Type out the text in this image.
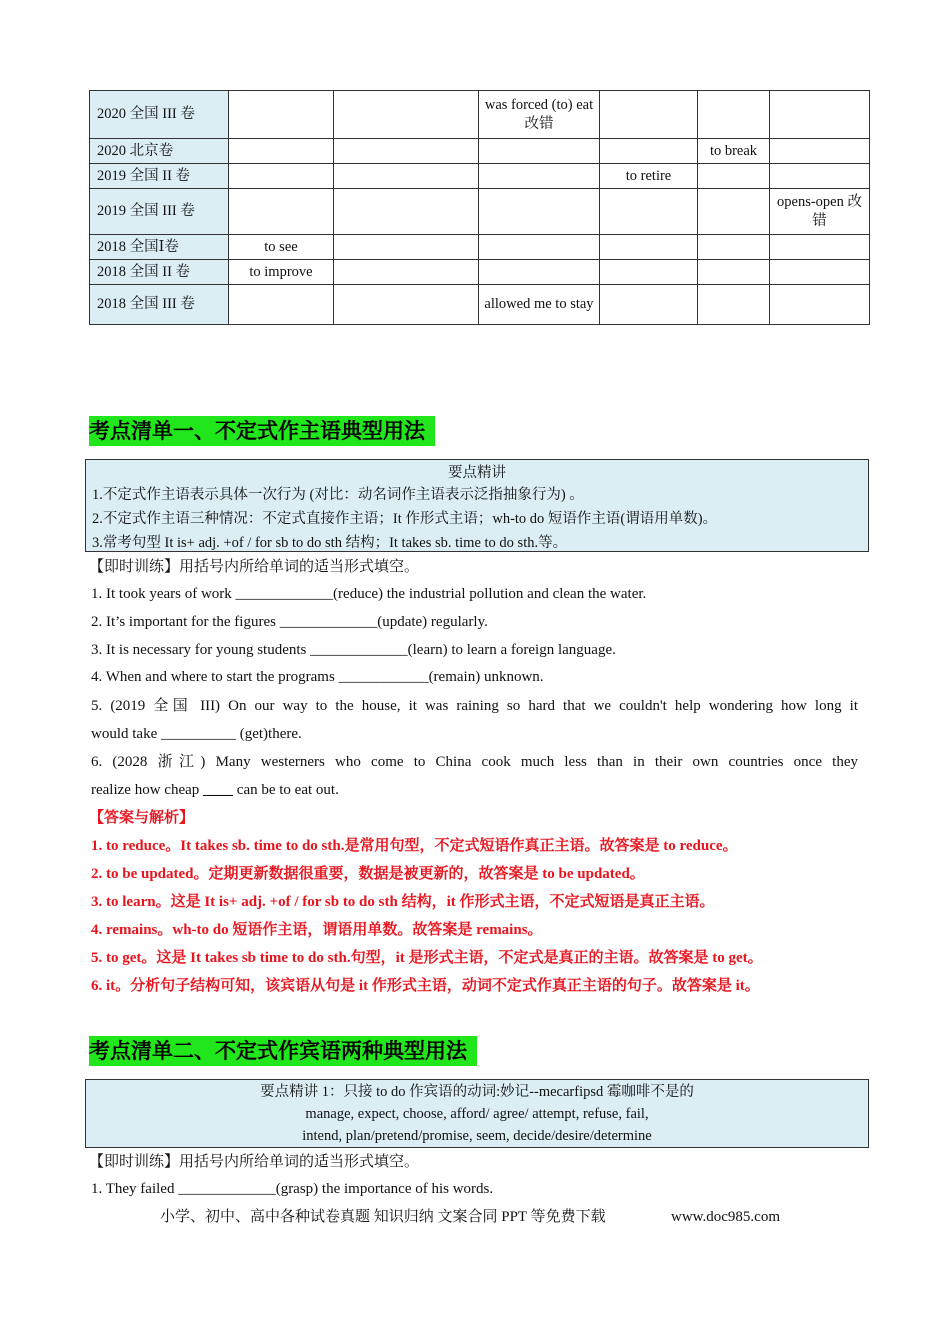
2020 全国 III 卷			was forced (to) eat 改错			
2020 北京卷					to break	
2019 全国 II 卷				to retire		
2019 全国 III 卷						opens-open 改错
2018 全国Ⅰ卷	to see					
2018 全国 II 卷	to improve					
2018 全国 III 卷			allowed me to stay			
考点清单一、不定式作主语典型用法
要点精讲
1.不定式作主语表示具体一次行为 (对比：动名词作主语表示泛指抽象行为) 。
2.不定式作主语三种情况：不定式直接作主语；It 作形式主语；wh-to do 短语作主语(谓语用单数)。
3.常考句型 It is+ adj. +of / for sb to do sth 结构；It takes sb. time to do sth.等。
【即时训练】用括号内所给单词的适当形式填空。
1. It took years of work _____________(reduce) the industrial pollution and clean the water.
2. It’s important for the figures _____________(update) regularly.
3. It is necessary for young students _____________(learn) to learn a foreign language.
4. When and where to start the programs ____________(remain) unknown.
5. (2019 全国 III) On our way to the house, it was raining so hard that we couldn't help wondering how long it
would take __________ (get)there.
6. (2028 浙江) Many westerners who come to China cook much less than in their own countries once they
realize how cheap ____ can be to eat out.
【答案与解析】
1. to reduce。It takes sb. time to do sth.是常用句型，不定式短语作真正主语。故答案是 to reduce。
2. to be updated。定期更新数据很重要，数据是被更新的，故答案是 to be updated。
3. to learn。这是 It is+ adj. +of / for sb to do sth 结构，it 作形式主语，不定式短语是真正主语。
4. remains。wh-to do 短语作主语，谓语用单数。故答案是 remains。
5. to get。这是 It takes sb time to do sth.句型，it 是形式主语，不定式是真正的主语。故答案是 to get。
6. it。分析句子结构可知，该宾语从句是 it 作形式主语，动词不定式作真正主语的句子。故答案是 it。
考点清单二、不定式作宾语两种典型用法
要点精讲 1：只接 to do 作宾语的动词:妙记--mecarfipsd 霉咖啡不是的
manage, expect, choose, afford/ agree/ attempt, refuse, fail,
intend, plan/pretend/promise, seem, decide/desire/determine
【即时训练】用括号内所给单词的适当形式填空。
1. They failed _____________(grasp) the importance of his words.
小学、初中、高中各种试卷真题 知识归纳 文案合同 PPT 等免费下载	www.doc985.com
